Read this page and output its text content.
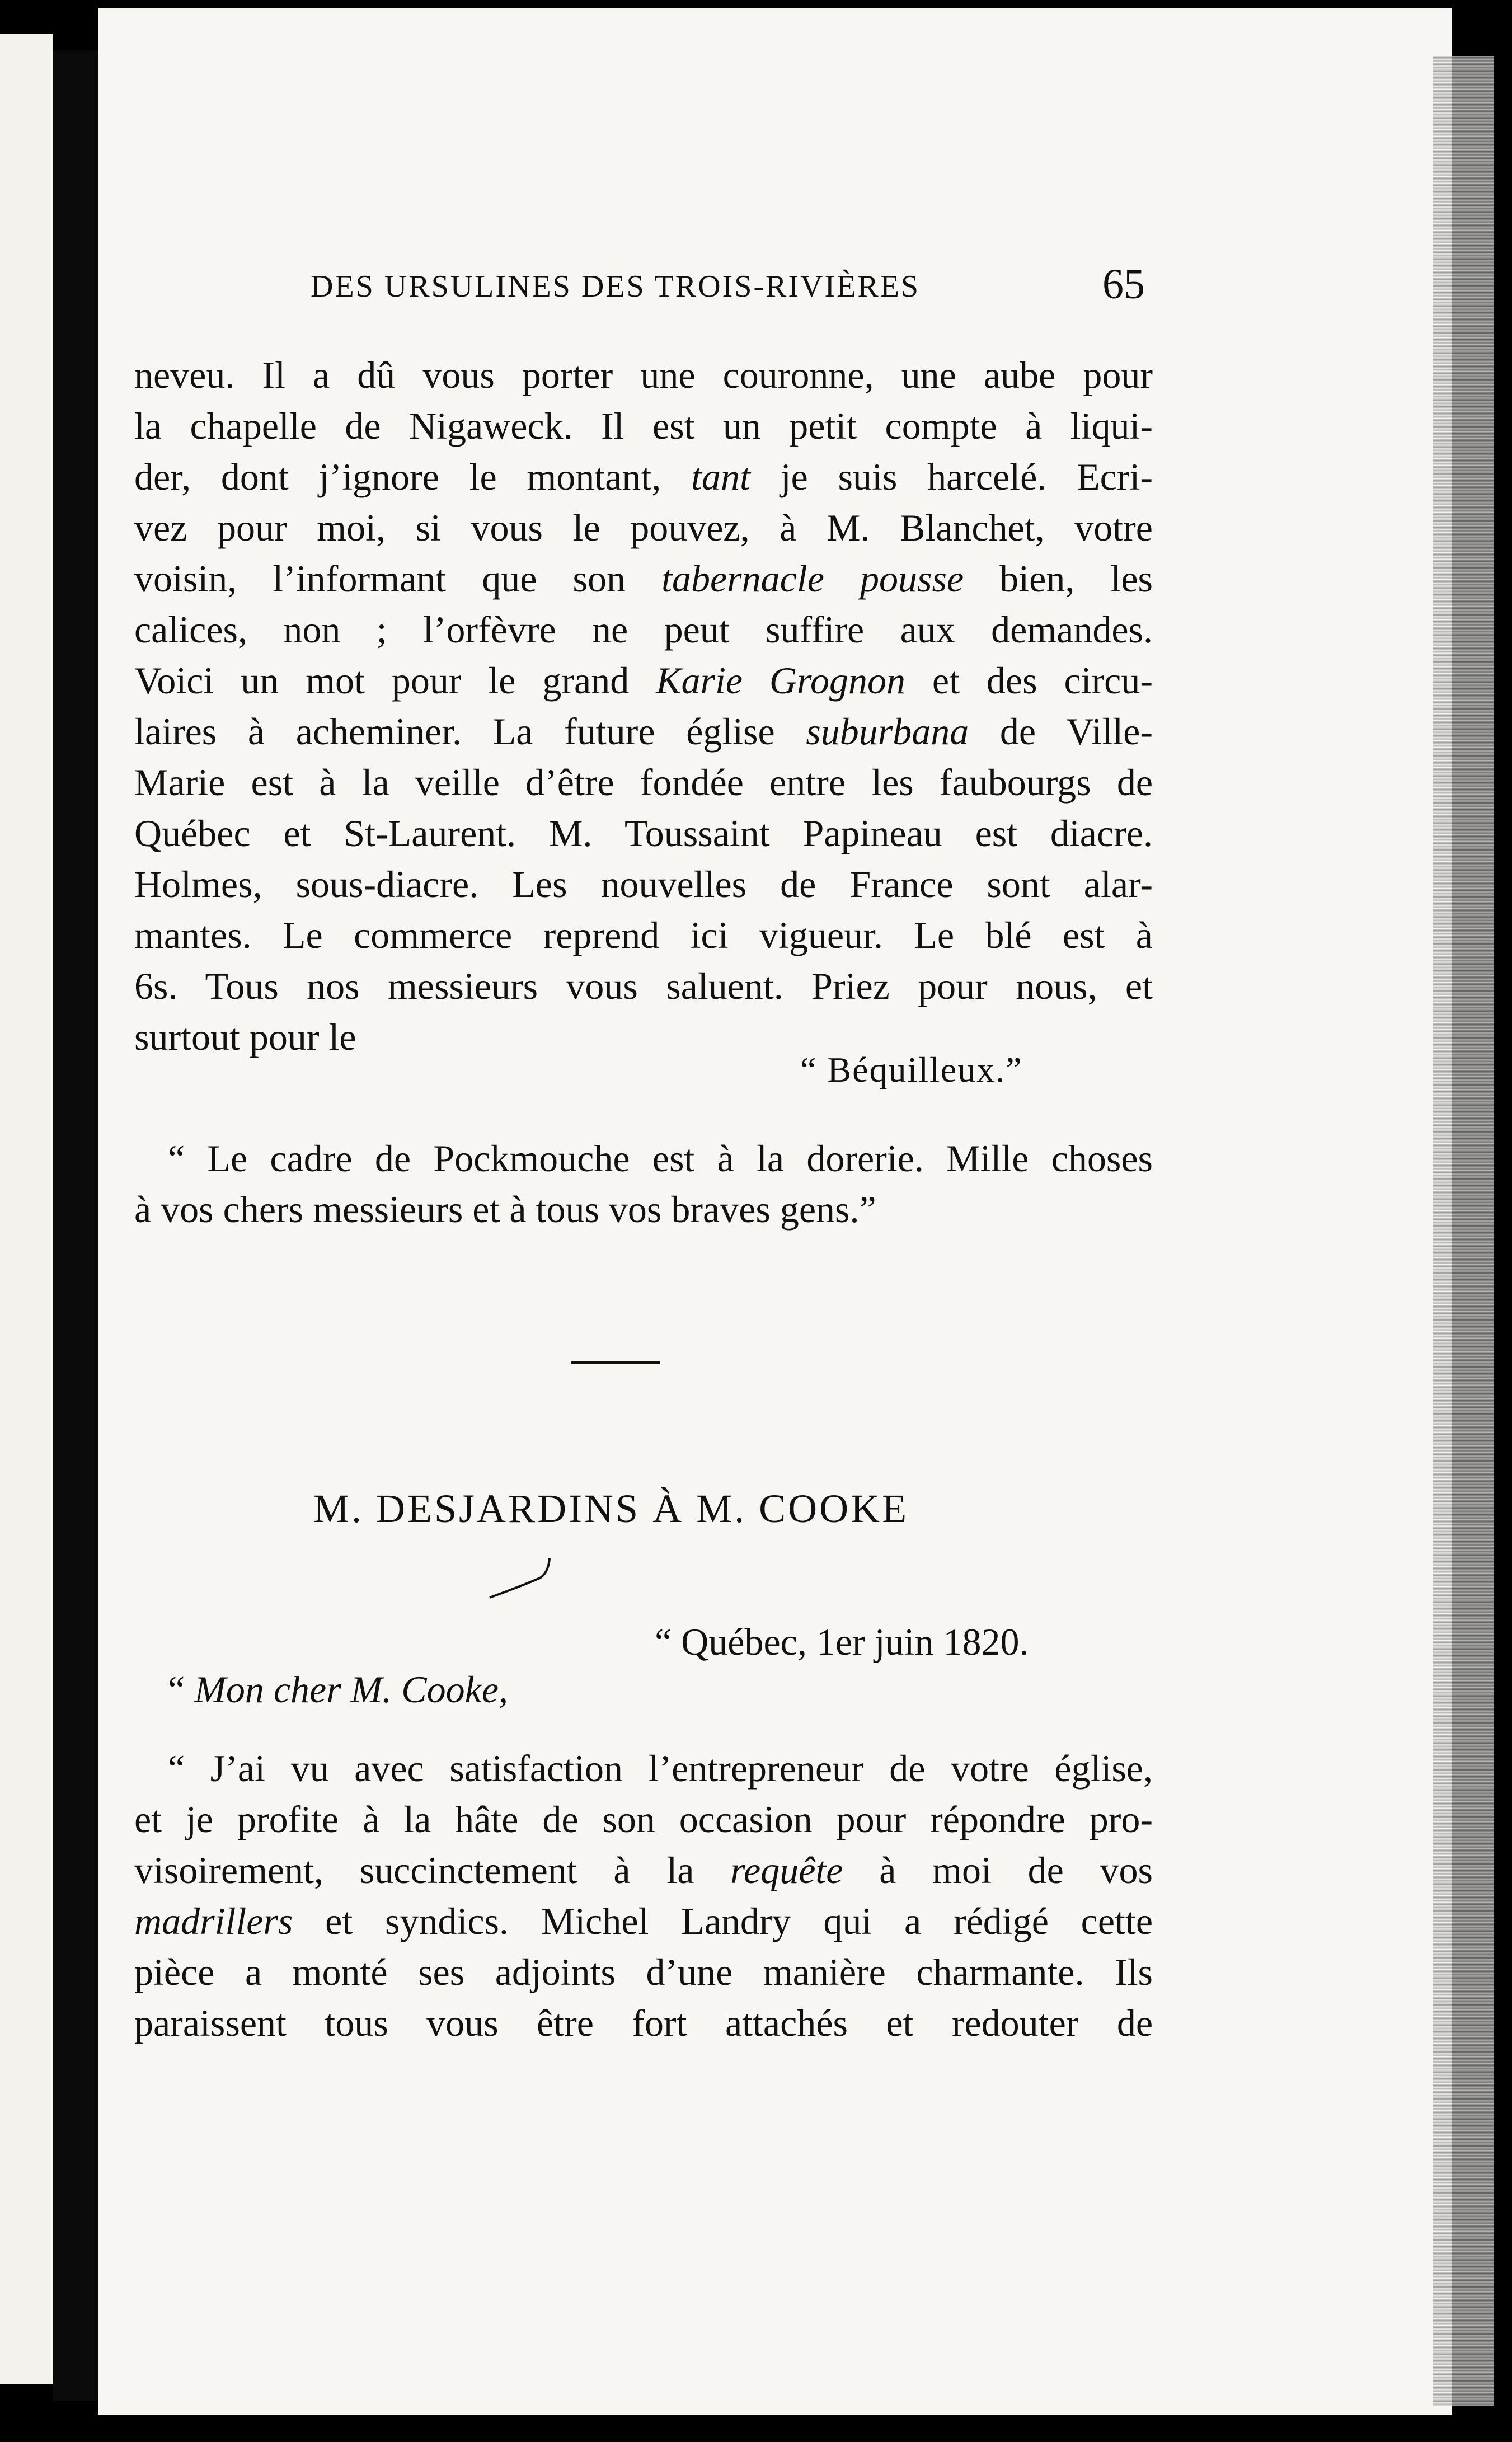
DES URSULINES DES TROIS-RIVIÈRES	65
neveu. Il a dû vous porter une couronne, une aube pour
la chapelle de Nigaweck. Il est un petit compte à liqui-
der, dont j’ignore le montant, tant je suis harcelé. Ecri-
vez pour moi, si vous le pouvez, à M. Blanchet, votre
voisin, l’informant que son tabernacle pousse bien, les
calices, non ; l’orfèvre ne peut suffire aux demandes.
Voici un mot pour le grand Karie Grognon et des circu-
laires à acheminer. La future église suburbana de Ville-
Marie est à la veille d’être fondée entre les faubourgs de
Québec et St-Laurent. M. Toussaint Papineau est diacre.
Holmes, sous-diacre. Les nouvelles de France sont alar-
mantes. Le commerce reprend ici vigueur. Le blé est à
6s. Tous nos messieurs vous saluent. Priez pour nous, et
surtout pour le
“ Béquilleux.”
“ Le cadre de Pockmouche est à la dorerie. Mille choses
à vos chers messieurs et à tous vos braves gens.”
M. DESJARDINS À M. COOKE
“ Québec, 1er juin 1820.
“ Mon cher M. Cooke,
“ J’ai vu avec satisfaction l’entrepreneur de votre église,
et je profite à la hâte de son occasion pour répondre pro-
visoirement, succinctement à la requête à moi de vos
madrillers et syndics. Michel Landry qui a rédigé cette
pièce a monté ses adjoints d’une manière charmante. Ils
paraissent tous vous être fort attachés et redouter de
